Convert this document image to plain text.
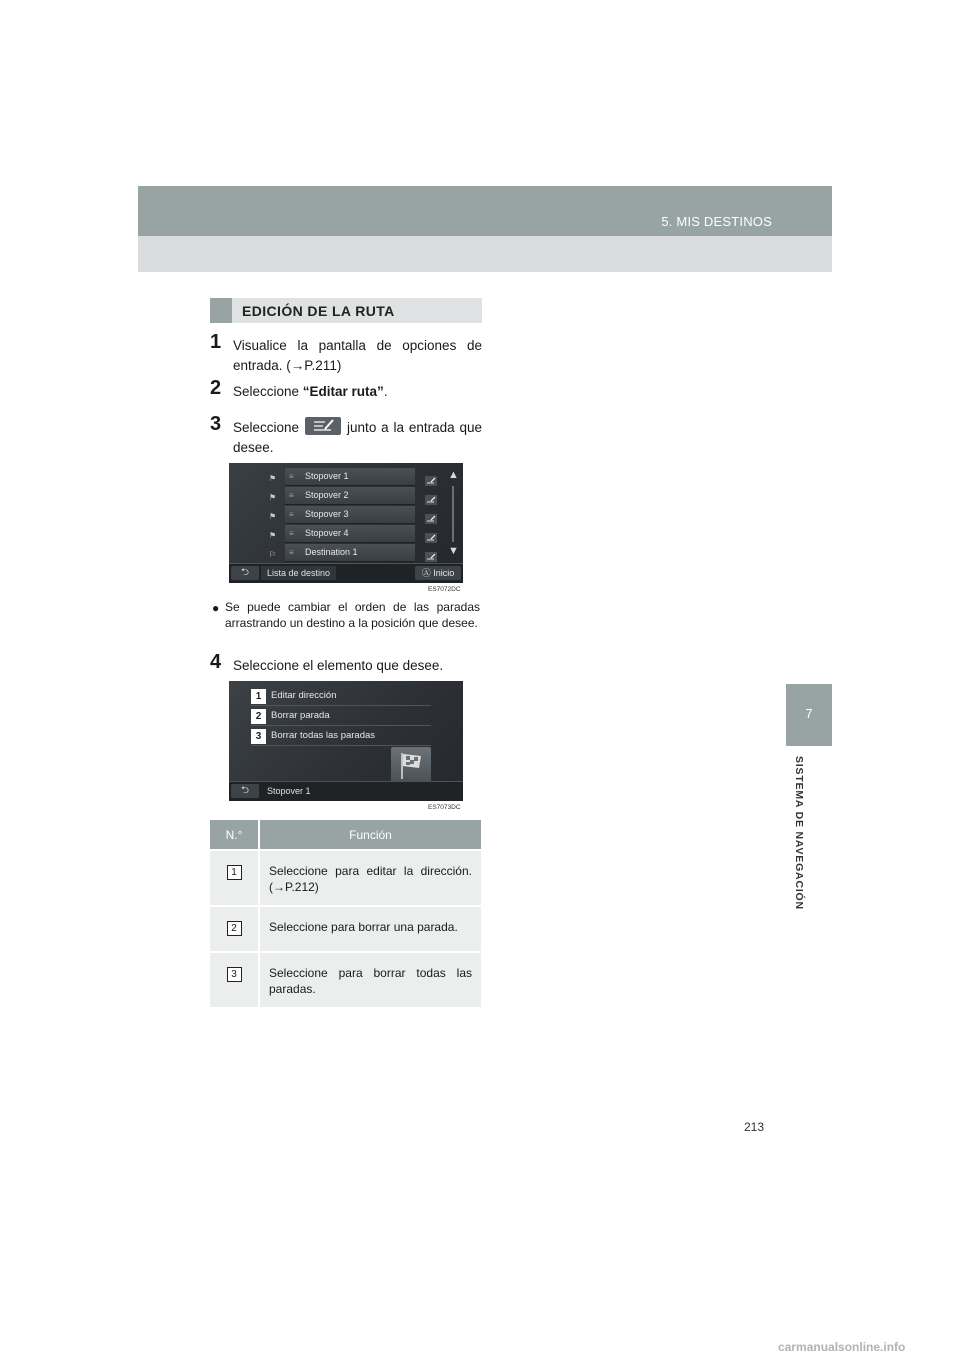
5. MIS DESTINOS
7
SISTEMA DE NAVEGACIÓN
EDICIÓN DE LA RUTA
1 Visualice la pantalla de opciones de entrada. (→P.211)
2 Seleccione “Editar ruta”.
3 Seleccione	junto a la entrada que desee.
⚑	≡ Stopover 1
⚑	≡ Stopover 2
⚑	≡ Stopover 3
⚑	≡ Stopover 4
⚐	≡ Destination 1
▲
▼
⮌	Lista de destino	Ⓐ Inicio
ES7072DC
● Se puede cambiar el orden de las paradas arrastrando un destino a la posición que desee.
4 Seleccione el elemento que desee.
1	Editar dirección
2	Borrar parada
3	Borrar todas las paradas
⮌	Stopover 1
ES7073DC
N.°		Función
1		Seleccione para editar la dirección. (→P.212)
2		Seleccione para borrar una parada.
3		Seleccione para borrar todas las paradas.
213
carmanualsonline.info
